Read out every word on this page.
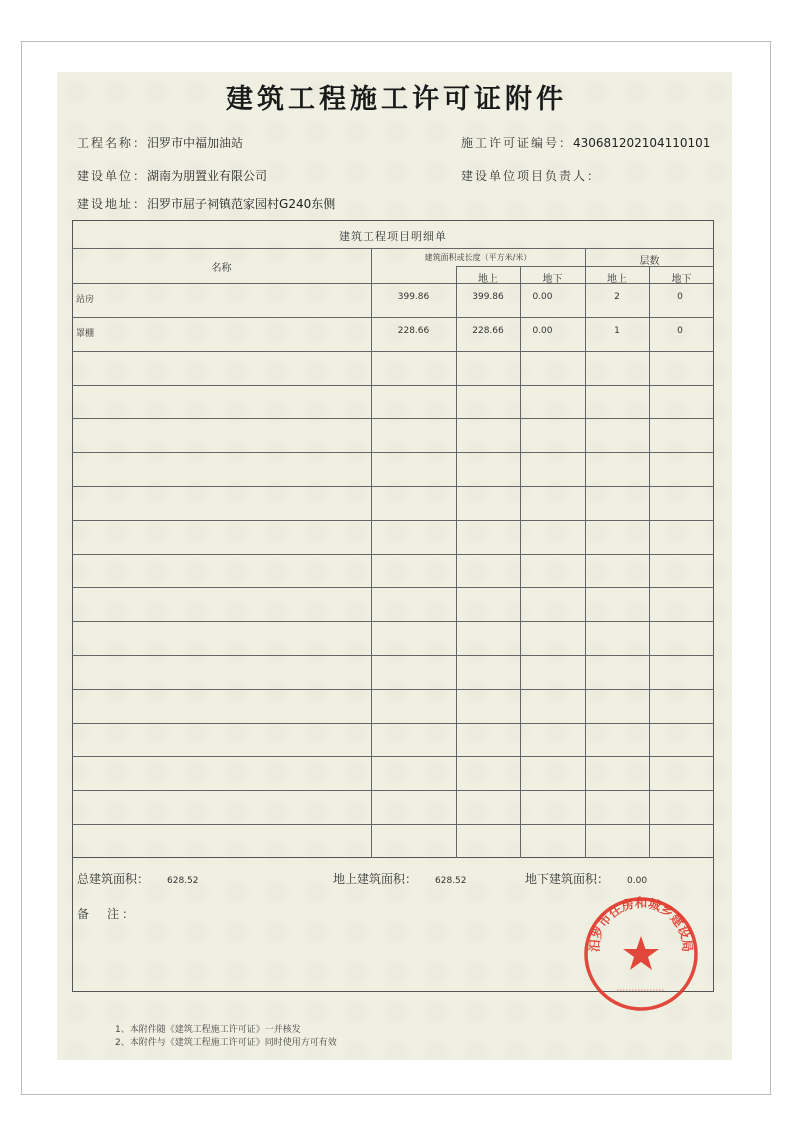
建筑工程施工许可证附件
工程名称：汨罗市中福加油站	施工许可证编号：430681202104110101
建设单位：湖南为朋置业有限公司	建设单位项目负责人：
建设地址：汨罗市屈子祠镇范家园村G240东侧
建筑工程项目明细单
名称
建筑面积或长度（平方米/米）	层数
地上	地下	地上	地下
站房	399.86	399.86	0.00	2	0
罩棚	228.66	228.66	0.00	1	0
总建筑面积： 628.52	地上建筑面积： 628.52	地下建筑面积： 0.00
备　注：
汨罗市住房和城乡建设局
1、本附件随《建筑工程施工许可证》一并核发
2、本附件与《建筑工程施工许可证》同时使用方可有效
